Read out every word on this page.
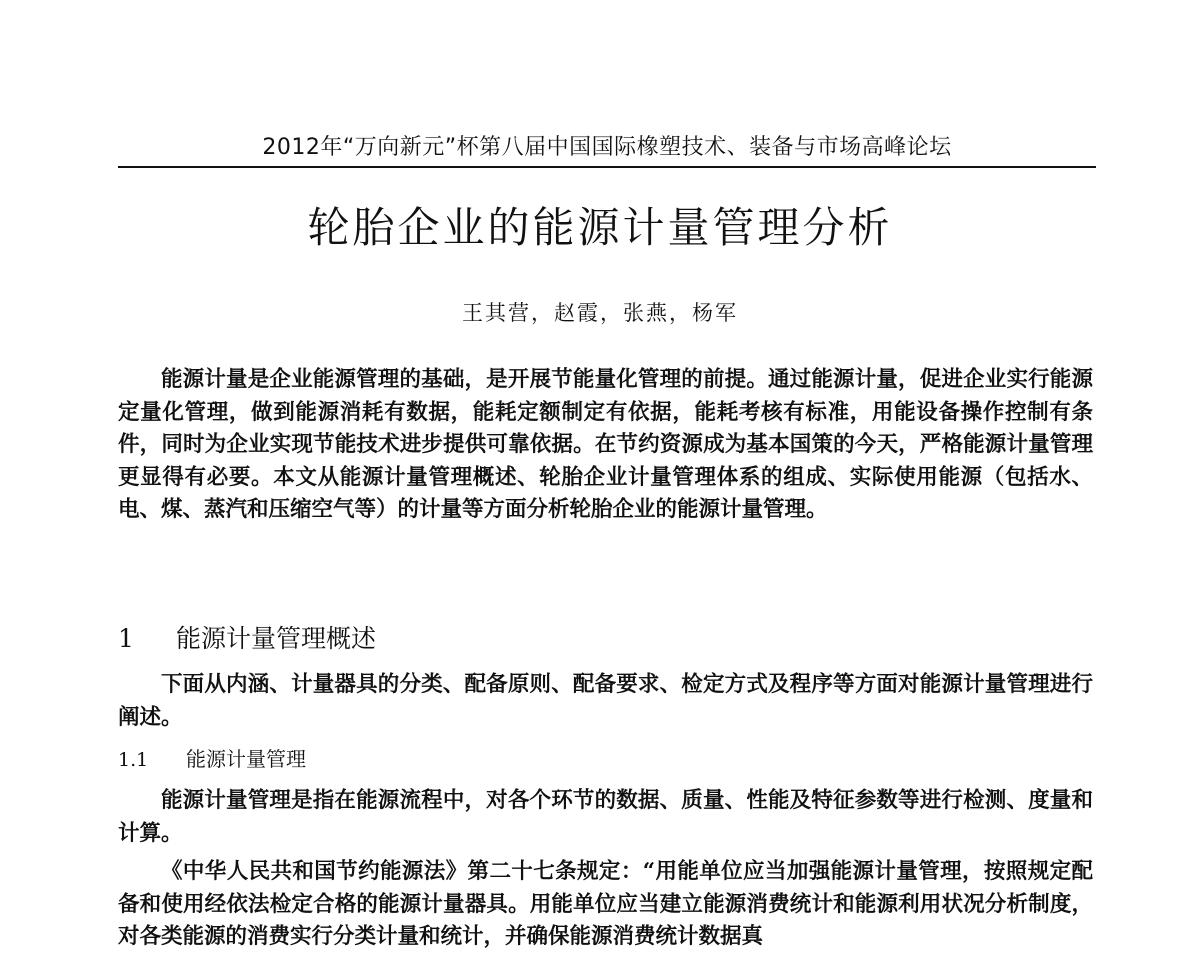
2012年“万向新元”杯第八届中国国际橡塑技术、装备与市场高峰论坛
轮胎企业的能源计量管理分析
王其营，赵霞，张燕，杨军

能源计量是企业能源管理的基础，是开展节能量化管理的前提。通过能源计量，促进企业实行能源定量化管理，做到能源消耗有数据，能耗定额制定有依据，能耗考核有标准，用能设备操作控制有条件，同时为企业实现节能技术进步提供可靠依据。在节约资源成为基本国策的今天，严格能源计量管理更显得有必要。本文从能源计量管理概述、轮胎企业计量管理体系的组成、实际使用能源（包括水、电、煤、蒸汽和压缩空气等）的计量等方面分析轮胎企业的能源计量管理。

1 能源计量管理概述

下面从内涵、计量器具的分类、配备原则、配备要求、检定方式及程序等方面对能源计量管理进行阐述。

1.1 能源计量管理

能源计量管理是指在能源流程中，对各个环节的数据、质量、性能及特征参数等进行检测、度量和计算。

《中华人民共和国节约能源法》第二十七条规定：“用能单位应当加强能源计量管理，按照规定配备和使用经依法检定合格的能源计量器具。用能单位应当建立能源消费统计和能源利用状况分析制度，对各类能源的消费实行分类计量和统计，并确保能源消费统计数据真
